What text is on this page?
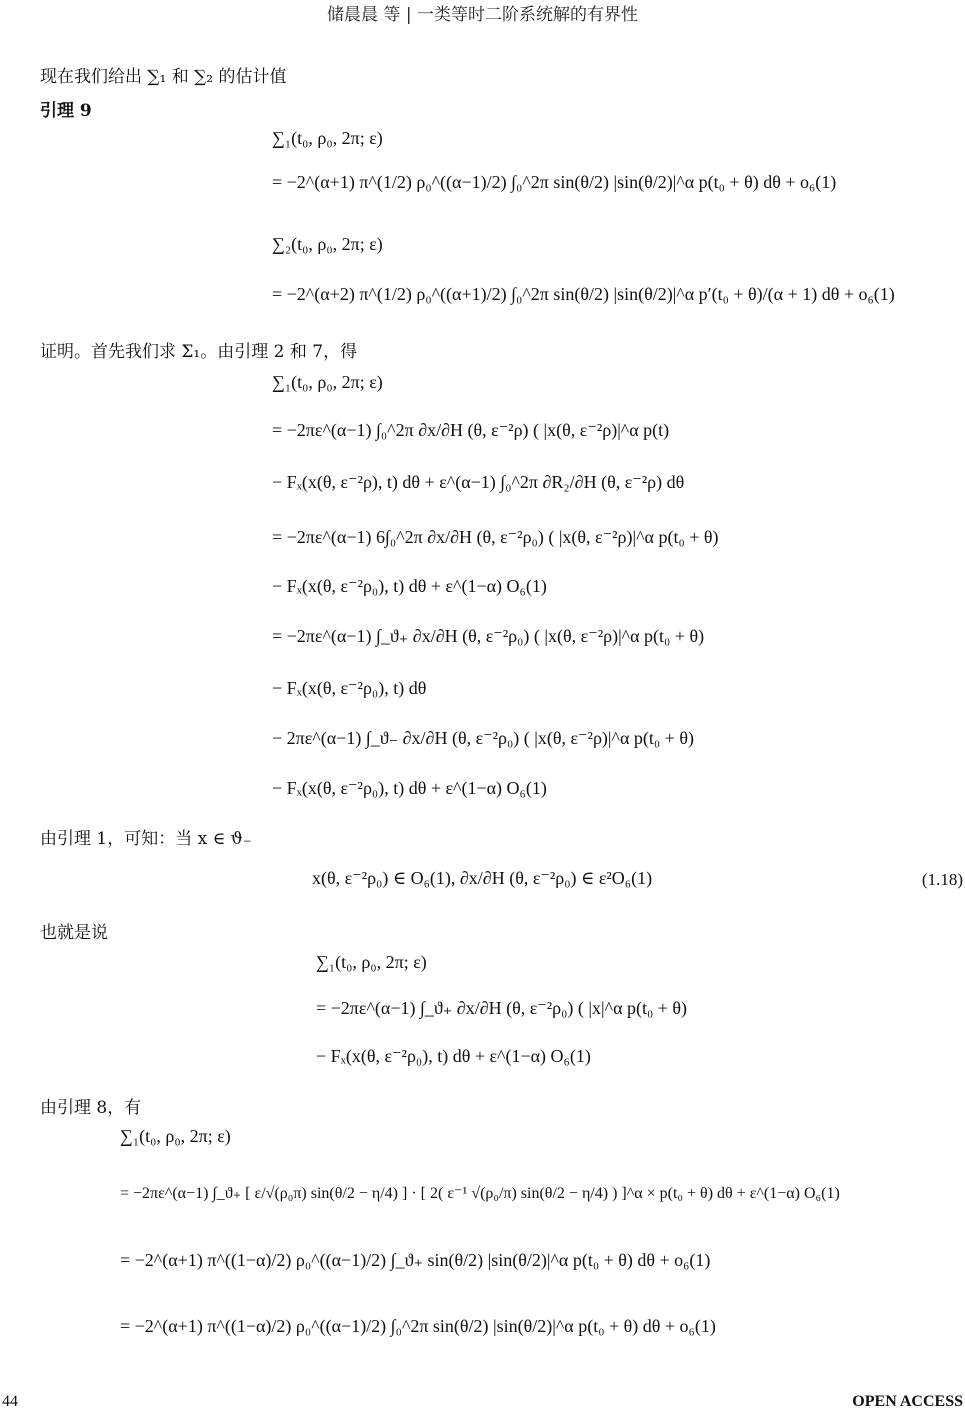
储晨晨 等 | 一类等时二阶系统解的有界性
现在我们给出 ∑₁ 和 ∑₂ 的估计值
引理 9
∑₁(t₀, ρ₀, 2π; ε)
= −2^(α+1) π^(1/2) ρ₀^((α−1)/2) ∫₀^2π sin(θ/2) |sin(θ/2)|^α p(t₀ + θ) dθ + o₆(1)
∑₂(t₀, ρ₀, 2π; ε)
= −2^(α+2) π^(1/2) ρ₀^((α+1)/2) ∫₀^2π sin(θ/2) |sin(θ/2)|^α p′(t₀ + θ)/(α + 1) dθ + o₆(1)
证明。首先我们求 Σ₁。由引理 2 和 7，得
∑₁(t₀, ρ₀, 2π; ε)
= −2πε^(α−1) ∫₀^2π ∂x/∂H (θ, ε⁻²ρ) ( |x(θ, ε⁻²ρ)|^α p(t)
− Fₓ(x(θ, ε⁻²ρ), t) dθ + ε^(α−1) ∫₀^2π ∂R₂/∂H (θ, ε⁻²ρ) dθ
= −2πε^(α−1) 6∫₀^2π ∂x/∂H (θ, ε⁻²ρ₀) ( |x(θ, ε⁻²ρ)|^α p(t₀ + θ)
− Fₓ(x(θ, ε⁻²ρ₀), t) dθ + ε^(1−α) O₆(1)
= −2πε^(α−1) ∫_ϑ₊ ∂x/∂H (θ, ε⁻²ρ₀) ( |x(θ, ε⁻²ρ)|^α p(t₀ + θ)
− Fₓ(x(θ, ε⁻²ρ₀), t) dθ
− 2πε^(α−1) ∫_ϑ₋ ∂x/∂H (θ, ε⁻²ρ₀) ( |x(θ, ε⁻²ρ)|^α p(t₀ + θ)
− Fₓ(x(θ, ε⁻²ρ₀), t) dθ + ε^(1−α) O₆(1)
由引理 1，可知：当 x ∈ ϑ₋
x(θ, ε⁻²ρ₀) ∈ O₆(1), ∂x/∂H (θ, ε⁻²ρ₀) ∈ ε²O₆(1)	(1.18)
也就是说
∑₁(t₀, ρ₀, 2π; ε)
= −2πε^(α−1) ∫_ϑ₊ ∂x/∂H (θ, ε⁻²ρ₀) ( |x|^α p(t₀ + θ)
− Fₓ(x(θ, ε⁻²ρ₀), t) dθ + ε^(1−α) O₆(1)
由引理 8，有
∑₁(t₀, ρ₀, 2π; ε)
= −2πε^(α−1) ∫_ϑ₊ [ ε/√(ρ₀π) sin(θ/2 − η/4) ] · [ 2( ε⁻¹ √(ρ₀/π) sin(θ/2 − η/4) ) ]^α × p(t₀ + θ) dθ + ε^(1−α) O₆(1)
= −2^(α+1) π^((1−α)/2) ρ₀^((α−1)/2) ∫_ϑ₊ sin(θ/2) |sin(θ/2)|^α p(t₀ + θ) dθ + o₆(1)
= −2^(α+1) π^((1−α)/2) ρ₀^((α−1)/2) ∫₀^2π sin(θ/2) |sin(θ/2)|^α p(t₀ + θ) dθ + o₆(1)
44	OPEN ACCESS
